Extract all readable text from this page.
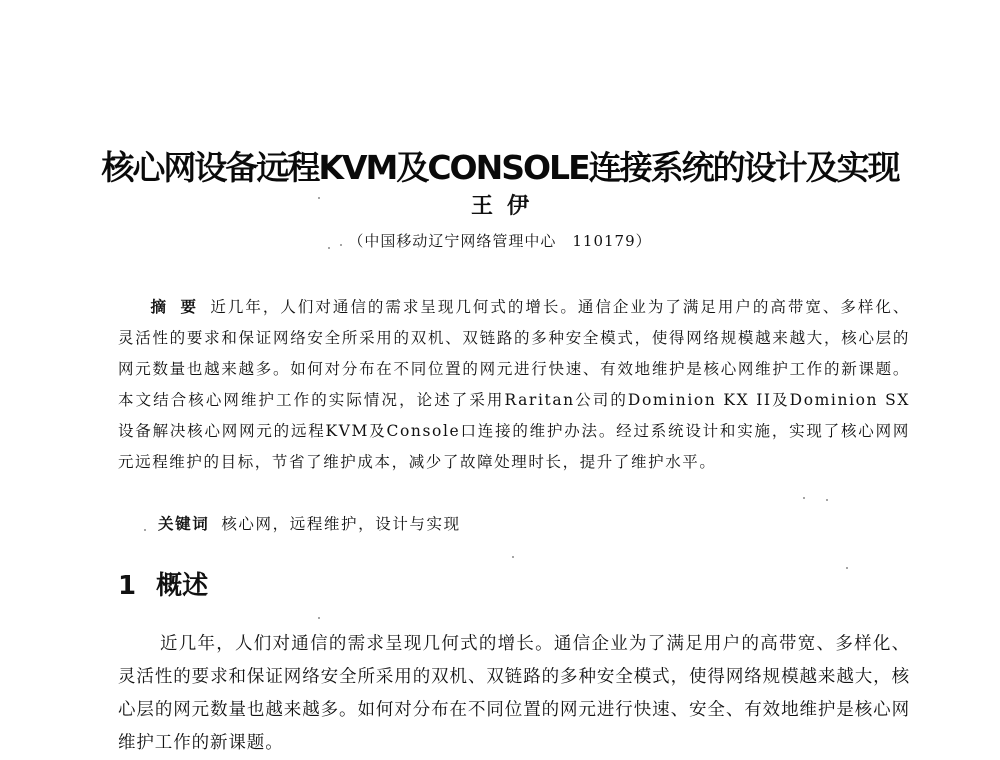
核心网设备远程KVM及CONSOLE连接系统的设计及实现
王伊
（中国移动辽宁网络管理中心　110179）
摘要近几年，人们对通信的需求呈现几何式的增长。通信企业为了满足用户的高带宽、多样化、灵活性的要求和保证网络安全所采用的双机、双链路的多种安全模式，使得网络规模越来越大，核心层的网元数量也越来越多。如何对分布在不同位置的网元进行快速、有效地维护是核心网维护工作的新课题。本文结合核心网维护工作的实际情况，论述了采用Raritan公司的Dominion KX II及Dominion SX设备解决核心网网元的远程KVM及Console口连接的维护办法。经过系统设计和实施，实现了核心网网元远程维护的目标，节省了维护成本，减少了故障处理时长，提升了维护水平。
关键词 核心网，远程维护，设计与实现
1 概述
近几年，人们对通信的需求呈现几何式的增长。通信企业为了满足用户的高带宽、多样化、灵活性的要求和保证网络安全所采用的双机、双链路的多种安全模式，使得网络规模越来越大，核心层的网元数量也越来越多。如何对分布在不同位置的网元进行快速、安全、有效地维护是核心网维护工作的新课题。
